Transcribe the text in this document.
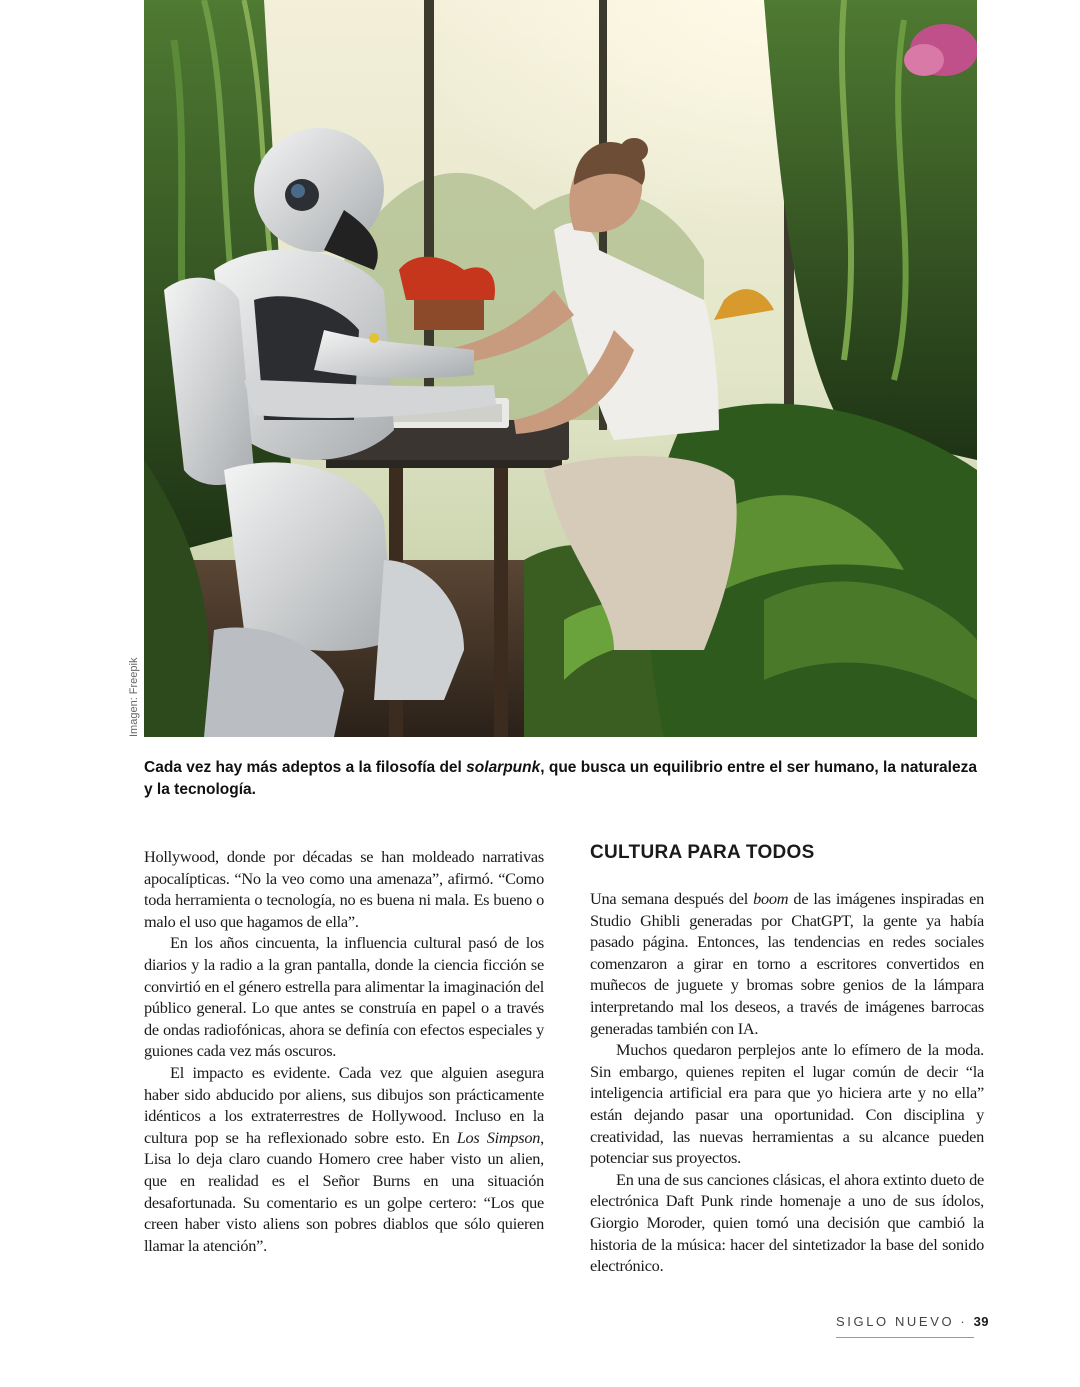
Imagen: Freepik

Cada vez hay más adeptos a la filosofía del solarpunk, que busca un equilibrio entre el ser humano, la naturaleza y la tecnología.

Hollywood, donde por décadas se han moldeado narrativas apocalípticas. “No la veo como una amenaza”, afirmó. “Como toda herramienta o tecnología, no es buena ni mala. Es bueno o malo el uso que hagamos de ella”.

En los años cincuenta, la influencia cultural pasó de los diarios y la radio a la gran pantalla, donde la ciencia ficción se convirtió en el género estrella para alimentar la imaginación del público general. Lo que antes se construía en papel o a través de ondas radiofónicas, ahora se definía con efectos especiales y guiones cada vez más oscuros.

El impacto es evidente. Cada vez que alguien asegura haber sido abducido por aliens, sus dibujos son prácticamente idénticos a los extraterrestres de Hollywood. Incluso en la cultura pop se ha reflexionado sobre esto. En Los Simpson, Lisa lo deja claro cuando Homero cree haber visto un alien, que en realidad es el Señor Burns en una situación desafortunada. Su comentario es un golpe certero: “Los que creen haber visto aliens son pobres diablos que sólo quieren llamar la atención”.

CULTURA PARA TODOS

Una semana después del boom de las imágenes inspiradas en Studio Ghibli generadas por ChatGPT, la gente ya había pasado página. Entonces, las tendencias en redes sociales comenzaron a girar en torno a escritores convertidos en muñecos de juguete y bromas sobre genios de la lámpara interpretando mal los deseos, a través de imágenes barrocas generadas también con IA.

Muchos quedaron perplejos ante lo efímero de la moda. Sin embargo, quienes repiten el lugar común de decir “la inteligencia artificial era para que yo hiciera arte y no ella” están dejando pasar una oportunidad. Con disciplina y creatividad, las nuevas herramientas a su alcance pueden potenciar sus proyectos.

En una de sus canciones clásicas, el ahora extinto dueto de electrónica Daft Punk rinde homenaje a uno de sus ídolos, Giorgio Moroder, quien tomó una decisión que cambió la historia de la música: hacer del sintetizador la base del sonido electrónico.

SIGLO NUEVO · 39
